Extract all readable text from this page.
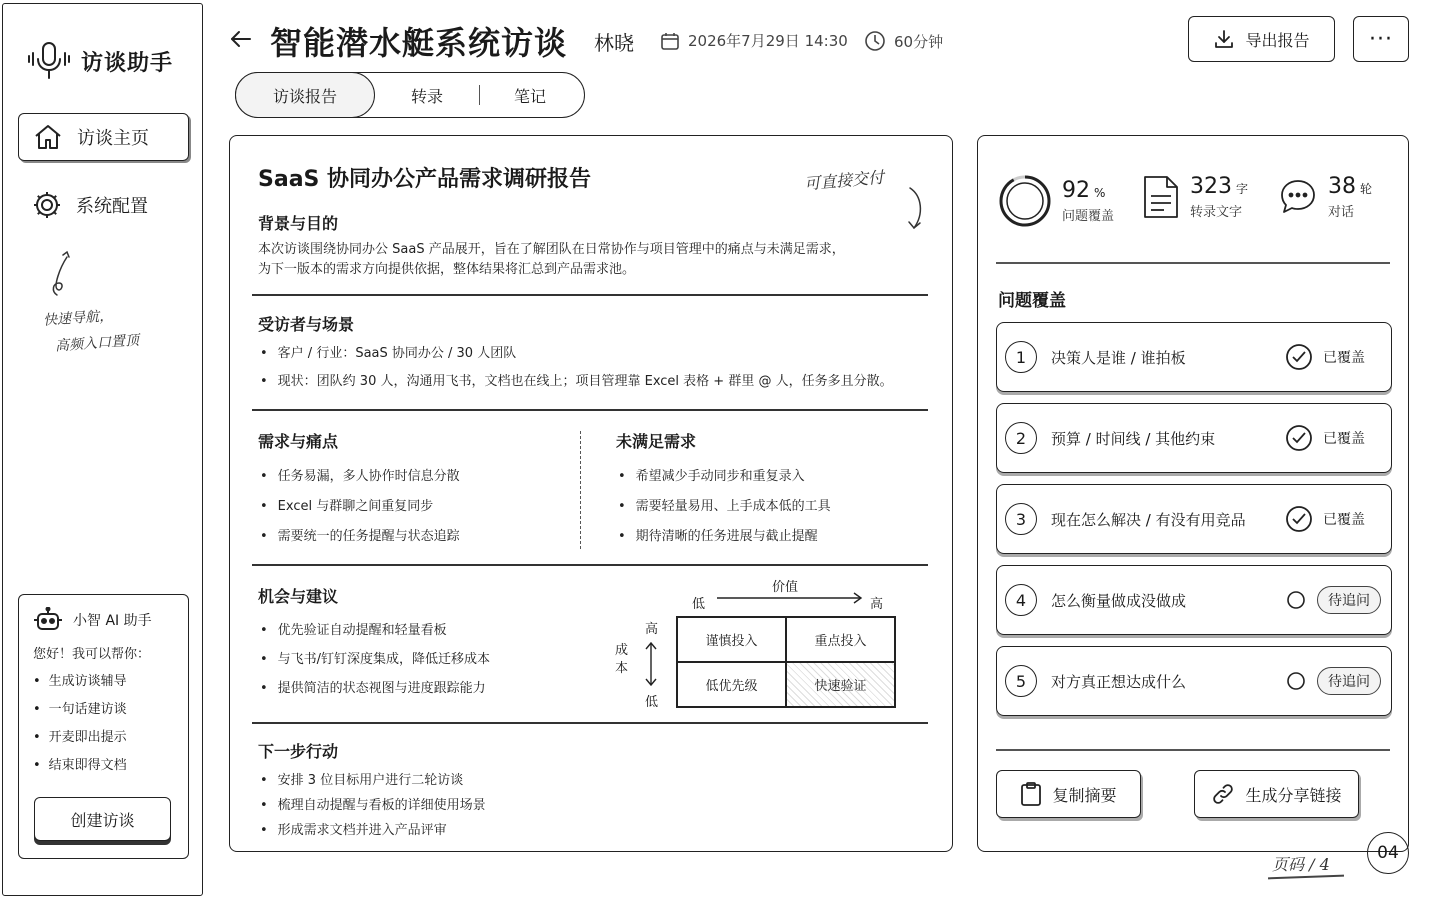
访谈助手
访谈主页
系统配置
快速导航，
高频入口置顶
小智 AI 助手
您好！我可以帮你：
• 生成访谈辅导
• 一句话建访谈
• 开麦即出提示
• 结束即得文档
创建访谈
智能潜水艇系统访谈 林晓	2026年7月29日 14:30	60分钟	导出报告	···
访谈报告	转录	笔记
SaaS 协同办公产品需求调研报告	可直接交付
背景与目的
本次访谈围绕协同办公 SaaS 产品展开，旨在了解团队在日常协作与项目管理中的痛点与未满足需求，
为下一版本的需求方向提供依据，整体结果将汇总到产品需求池。
受访者与场景
• 客户 / 行业：SaaS 协同办公 / 30 人团队
• 现状：团队约 30 人，沟通用飞书，文档也在线上；项目管理靠 Excel 表格 + 群里 @ 人，任务多且分散。
需求与痛点
• 任务易漏，多人协作时信息分散
• Excel 与群聊之间重复同步
• 需要统一的任务提醒与状态追踪
未满足需求
• 希望减少手动同步和重复录入
• 需要轻量易用、上手成本低的工具
• 期待清晰的任务进展与截止提醒
机会与建议
• 优先验证自动提醒和轻量看板
• 与飞书/钉钉深度集成，降低迁移成本
• 提供简洁的状态视图与进度跟踪能力
价值
低	高
成本
高
低
谨慎投入	重点投入
低优先级	快速验证
下一步行动
• 安排 3 位目标用户进行二轮访谈
• 梳理自动提醒与看板的详细使用场景
• 形成需求文档并进入产品评审
92 %
问题覆盖
323 字
转录文字
38 轮
对话
问题覆盖
1	决策人是谁 / 谁拍板	已覆盖
2	预算 / 时间线 / 其他约束	已覆盖
3	现在怎么解决 / 有没有用竞品	已覆盖
4	怎么衡量做成没做成	待追问
5	对方真正想达成什么	待追问
复制摘要	生成分享链接
页码 / 4
04
